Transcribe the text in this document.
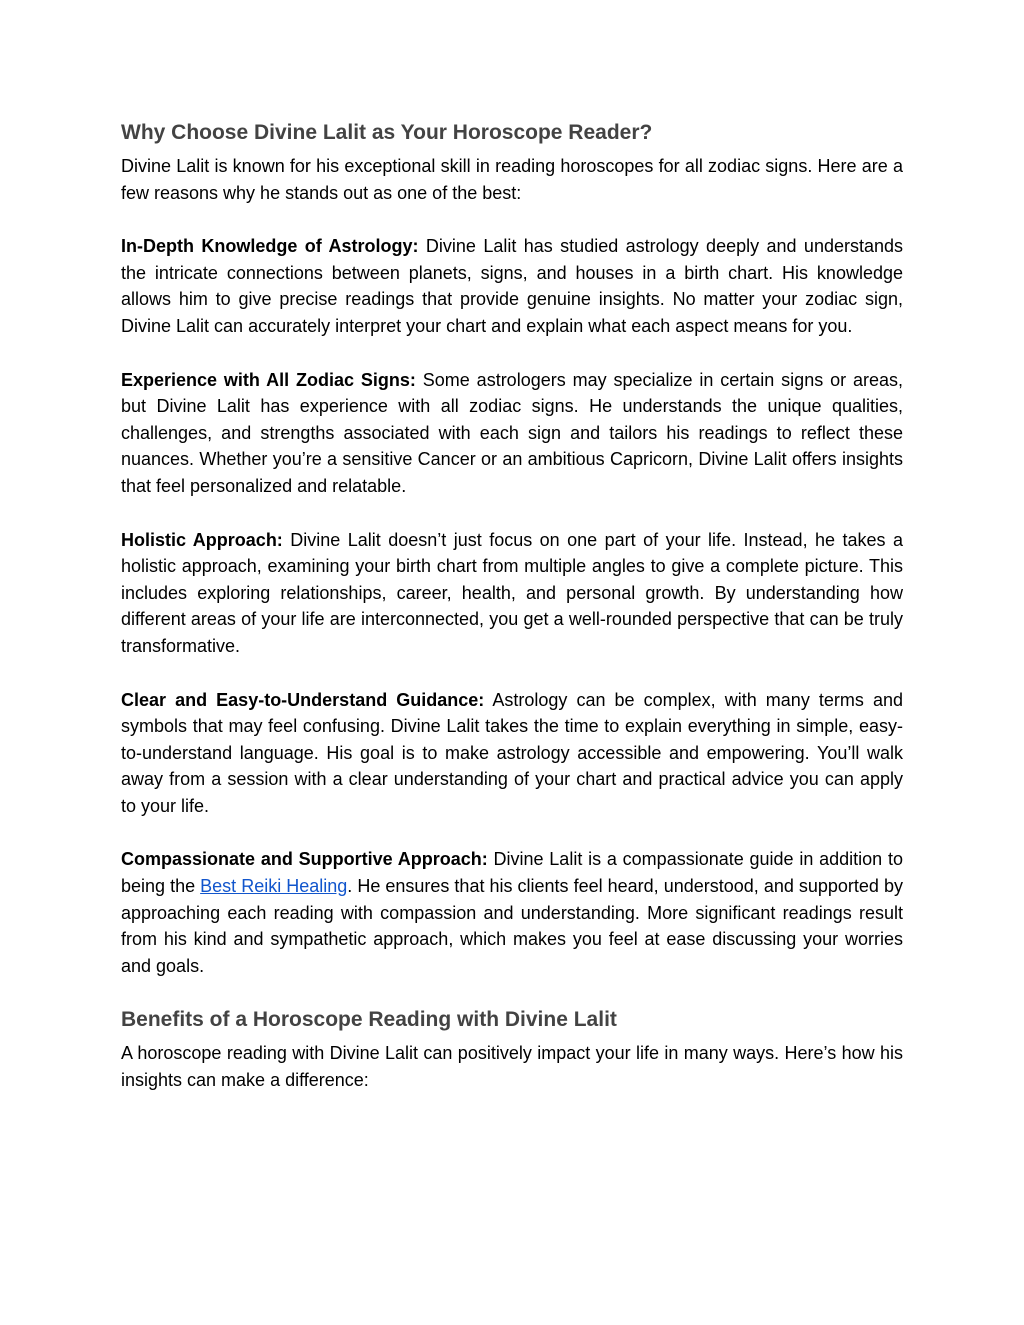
Why Choose Divine Lalit as Your Horoscope Reader?

Divine Lalit is known for his exceptional skill in reading horoscopes for all zodiac signs. Here are a few reasons why he stands out as one of the best:

In-Depth Knowledge of Astrology: Divine Lalit has studied astrology deeply and understands the intricate connections between planets, signs, and houses in a birth chart. His knowledge allows him to give precise readings that provide genuine insights. No matter your zodiac sign, Divine Lalit can accurately interpret your chart and explain what each aspect means for you.

Experience with All Zodiac Signs: Some astrologers may specialize in certain signs or areas, but Divine Lalit has experience with all zodiac signs. He understands the unique qualities, challenges, and strengths associated with each sign and tailors his readings to reflect these nuances. Whether you’re a sensitive Cancer or an ambitious Capricorn, Divine Lalit offers insights that feel personalized and relatable.

Holistic Approach: Divine Lalit doesn’t just focus on one part of your life. Instead, he takes a holistic approach, examining your birth chart from multiple angles to give a complete picture. This includes exploring relationships, career, health, and personal growth. By understanding how different areas of your life are interconnected, you get a well-rounded perspective that can be truly transformative.

Clear and Easy-to-Understand Guidance: Astrology can be complex, with many terms and symbols that may feel confusing. Divine Lalit takes the time to explain everything in simple, easy-to-understand language. His goal is to make astrology accessible and empowering. You’ll walk away from a session with a clear understanding of your chart and practical advice you can apply to your life.

Compassionate and Supportive Approach: Divine Lalit is a compassionate guide in addition to being the Best Reiki Healing. He ensures that his clients feel heard, understood, and supported by approaching each reading with compassion and understanding. More significant readings result from his kind and sympathetic approach, which makes you feel at ease discussing your worries and goals.

Benefits of a Horoscope Reading with Divine Lalit

A horoscope reading with Divine Lalit can positively impact your life in many ways. Here’s how his insights can make a difference:
